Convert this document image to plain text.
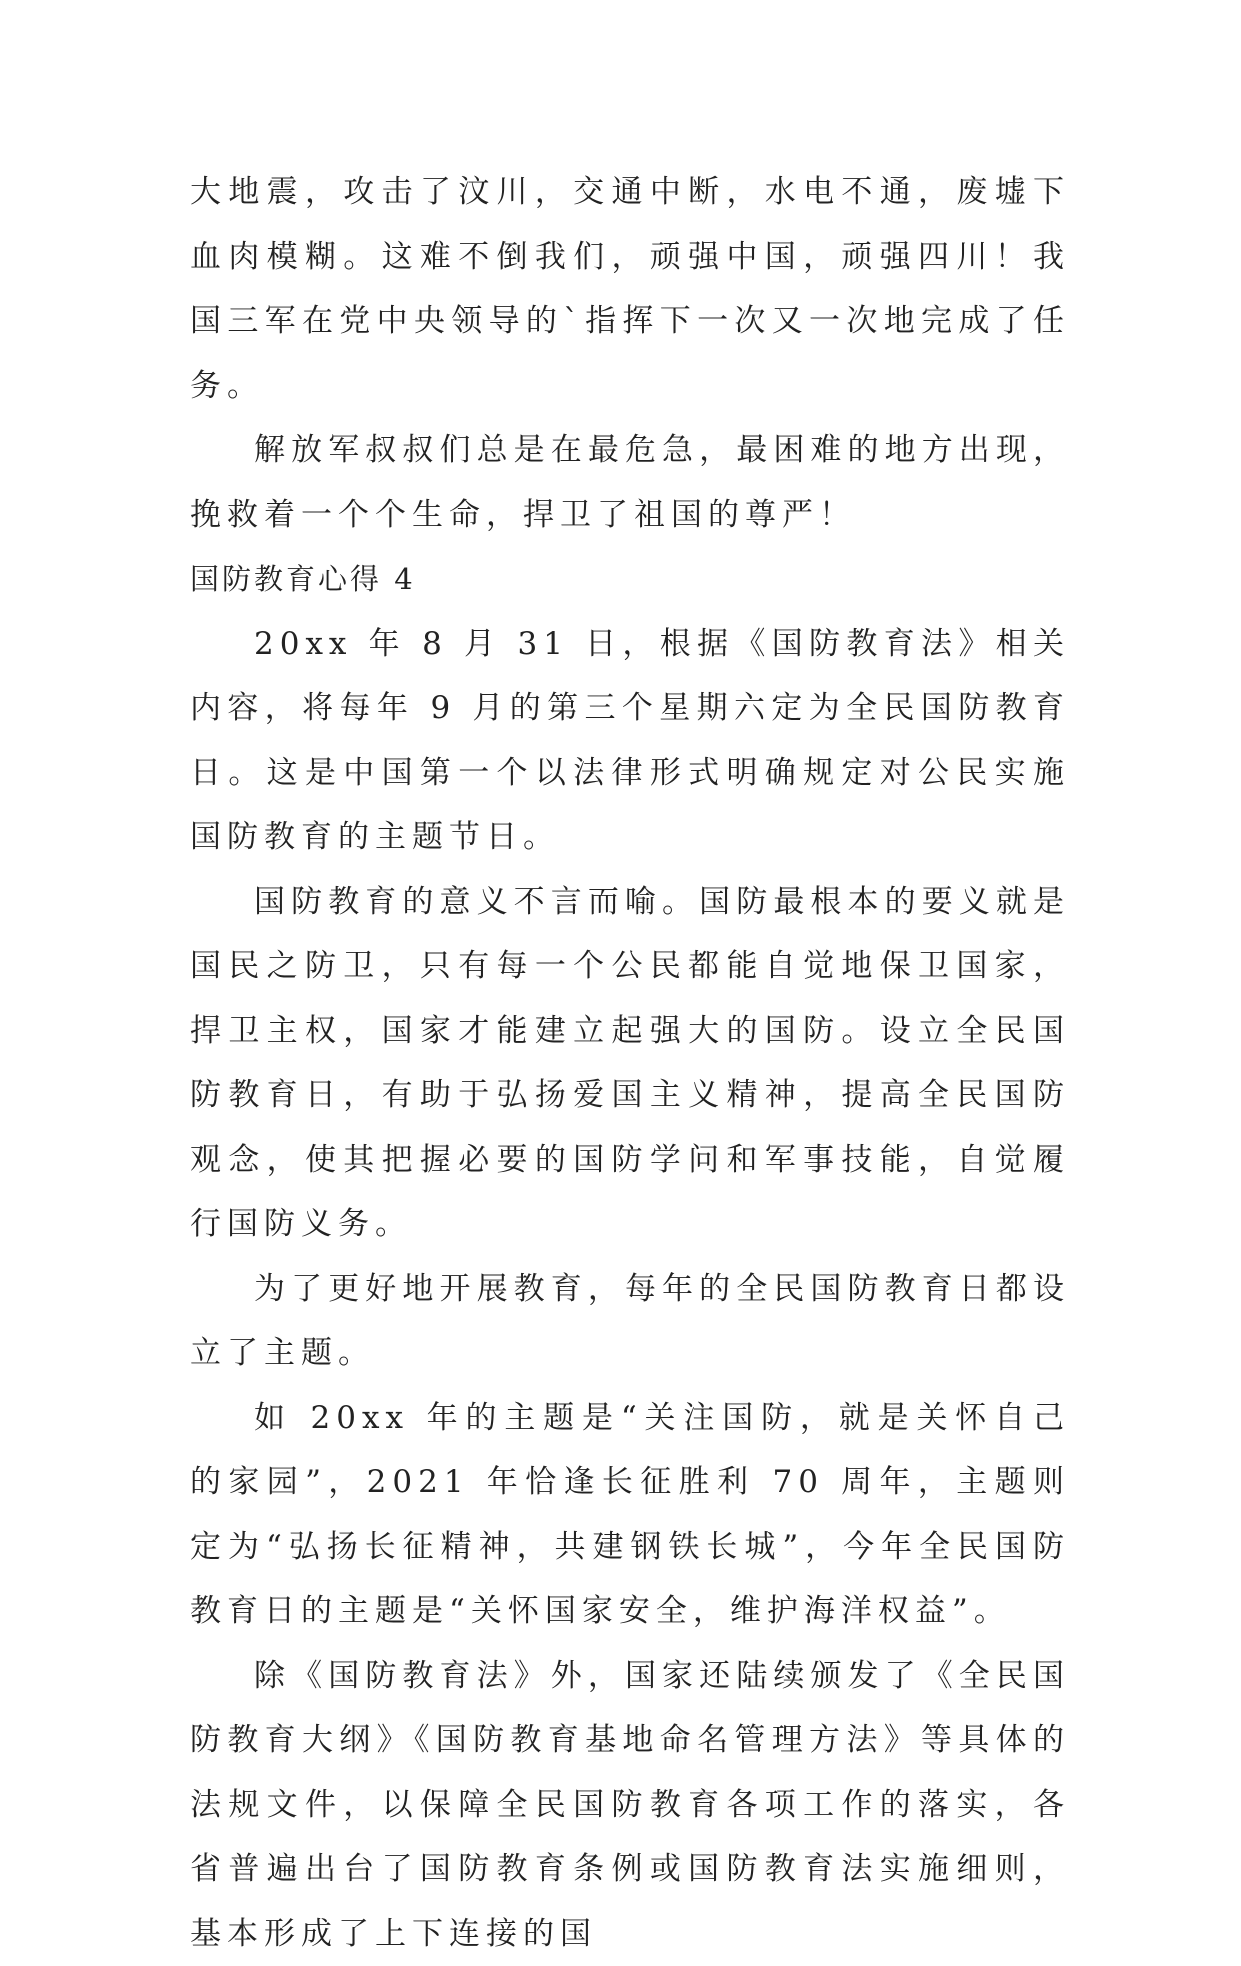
大地震，攻击了汶川，交通中断，水电不通，废墟下血肉模糊。这难不倒我们，顽强中国，顽强四川！我国三军在党中央领导的`指挥下一次又一次地完成了任务。

解放军叔叔们总是在最危急，最困难的地方出现，挽救着一个个生命，捍卫了祖国的尊严！

国防教育心得 4

20xx 年 8 月 31 日，根据《国防教育法》相关内容，将每年 9 月的第三个星期六定为全民国防教育日。这是中国第一个以法律形式明确规定对公民实施国防教育的主题节日。

国防教育的意义不言而喻。国防最根本的要义就是国民之防卫，只有每一个公民都能自觉地保卫国家，捍卫主权，国家才能建立起强大的国防。设立全民国防教育日，有助于弘扬爱国主义精神，提高全民国防观念，使其把握必要的国防学问和军事技能，自觉履行国防义务。

为了更好地开展教育，每年的全民国防教育日都设立了主题。

如 20xx 年的主题是“关注国防，就是关怀自己的家园”，2021 年恰逢长征胜利 70 周年，主题则定为“弘扬长征精神，共建钢铁长城”，今年全民国防教育日的主题是“关怀国家安全，维护海洋权益”。

除《国防教育法》外，国家还陆续颁发了《全民国防教育大纲》《国防教育基地命名管理方法》等具体的法规文件，以保障全民国防教育各项工作的落实，各省普遍出台了国防教育条例或国防教育法实施细则，基本形成了上下连接的国
